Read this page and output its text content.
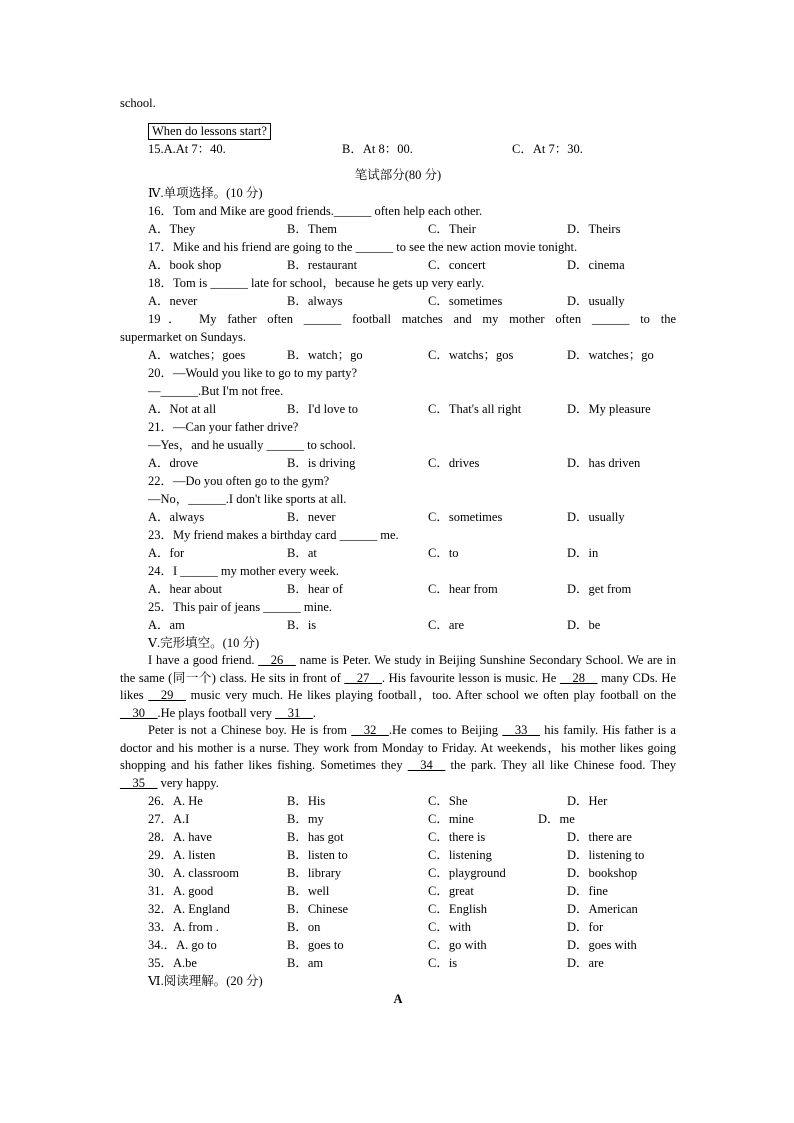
school.
When do lessons start?
15.A.At 7：40.	B．At 8：00.	C．At 7：30.
笔试部分(80 分)
Ⅳ.单项选择。(10 分)
16．Tom and Mike are good friends.______ often help each other.
A．They	B．Them	C．Their	D．Theirs
17．Mike and his friend are going to the ______ to see the new action movie tonight.
A．book shop	B．restaurant	C．concert	D．cinema
18．Tom is ______ late for school，because he gets up very early.
A．never	B．always	C．sometimes	D．usually
19． My father often ______ football matches and my mother often ______ to the
supermarket on Sundays.
A．watches；goes	B．watch；go	C．watchs；gos	D．watches；go
20．—Would you like to go to my party?
—______.But I'm not free.
A．Not at all	B．I'd love to	C．That's all right	D．My pleasure
21．—Can your father drive?
—Yes，and he usually ______ to school.
A．drove	B．is driving	C．drives	D．has driven
22．—Do you often go to the gym?
—No，______.I don't like sports at all.
A．always	B．never	C．sometimes	D．usually
23．My friend makes a birthday card ______ me.
A．for	B．at	C．to	D．in
24．I ______ my mother every week.
A．hear about	B．hear of	C．hear from	D．get from
25．This pair of jeans ______ mine.
A．am	B．is	C．are	D．be
Ⅴ.完形填空。(10 分)

I have a good friend. __26__ name is Peter. We study in Beijing Sunshine Secondary School. We are in the same (同一个) class. He sits in front of __27__. His favourite lesson is music. He __28__ many CDs. He likes __29__ music very much. He likes playing football，too. After school we often play football on the __30__.He plays football very __31__.

Peter is not a Chinese boy. He is from __32__.He comes to Beijing __33__ his family. His father is a doctor and his mother is a nurse. They work from Monday to Friday. At weekends，his mother likes going shopping and his father likes fishing. Sometimes they __34__ the park. They all like Chinese food. They __35__ very happy.

26．A. He	B．His	C．She	D．Her
27．A.I	B．my	C．mine	D．me
28．A. have	B．has got	C．there is	D．there are
29．A. listen	B．listen to	C．listening	D．listening to
30．A. classroom	B．library	C．playground	D．bookshop
31．A. good	B．well	C．great	D．fine
32．A. England	B．Chinese	C．English	D．American
33．A. from .	B．on	C．with	D．for
34.．A. go to	B．goes to	C．go with	D．goes with
35．A.be	B．am	C．is	D．are
Ⅵ.阅读理解。(20 分)
A
